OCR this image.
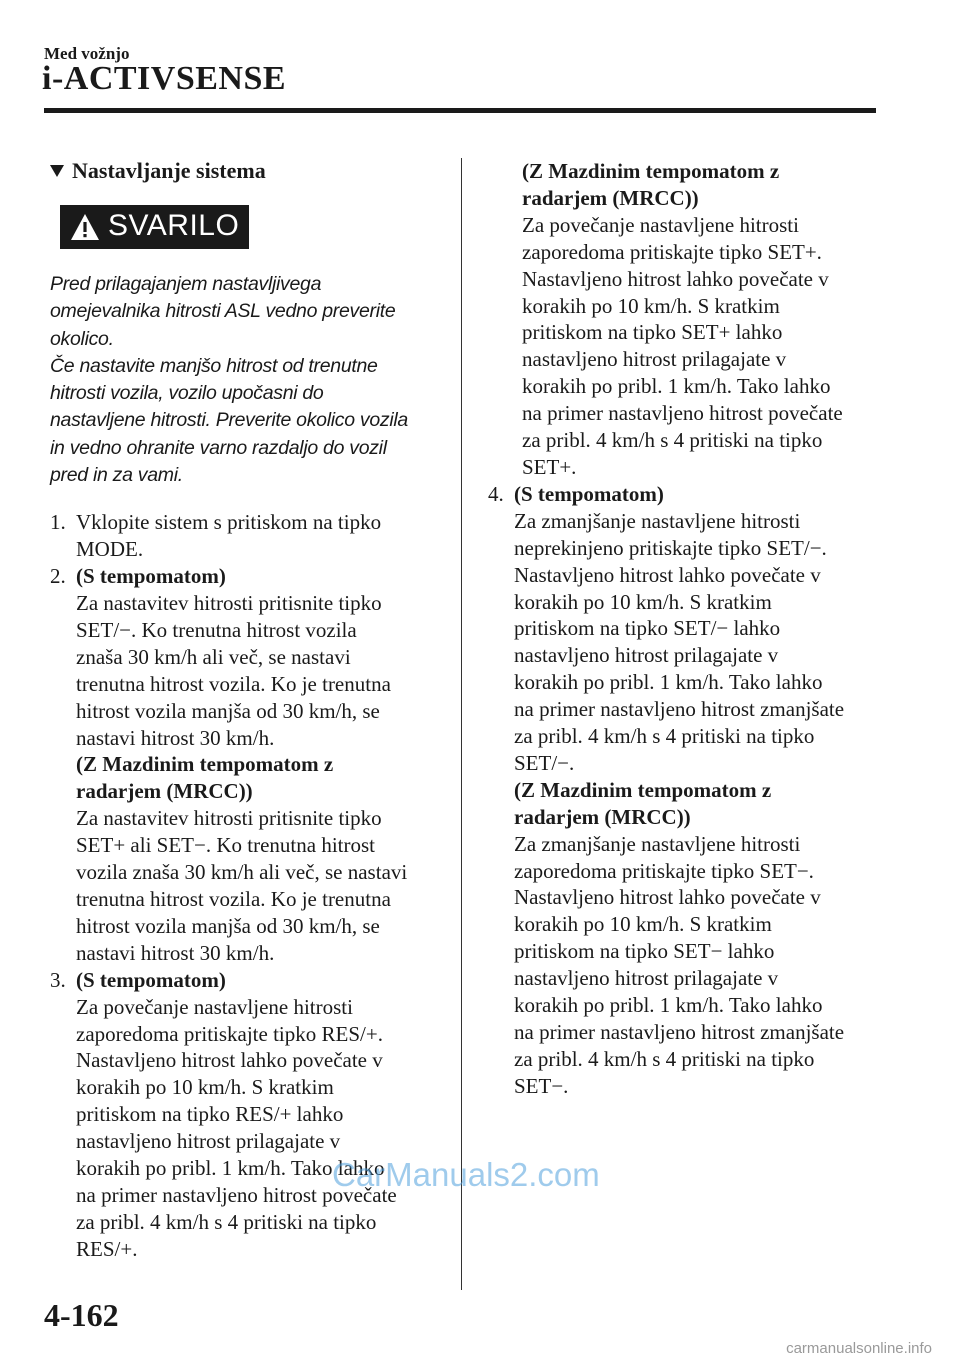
Med vožnjo
i-ACTIVSENSE
Nastavljanje sistema
SVARILO
Pred prilagajanjem nastavljivega
omejevalnika hitrosti ASL vedno preverite
okolico.
Če nastavite manjšo hitrost od trenutne
hitrosti vozila, vozilo upočasni do
nastavljene hitrosti. Preverite okolico vozila
in vedno ohranite varno razdaljo do vozil
pred in za vami.
1. Vklopite sistem s pritiskom na tipko
MODE.
2. (S tempomatom)
Za nastavitev hitrosti pritisnite tipko
SET/−. Ko trenutna hitrost vozila
znaša 30 km/h ali več, se nastavi
trenutna hitrost vozila. Ko je trenutna
hitrost vozila manjša od 30 km/h, se
nastavi hitrost 30 km/h.
(Z Mazdinim tempomatom z
radarjem (MRCC))
Za nastavitev hitrosti pritisnite tipko
SET+ ali SET−. Ko trenutna hitrost
vozila znaša 30 km/h ali več, se nastavi
trenutna hitrost vozila. Ko je trenutna
hitrost vozila manjša od 30 km/h, se
nastavi hitrost 30 km/h.
3. (S tempomatom)
Za povečanje nastavljene hitrosti
zaporedoma pritiskajte tipko RES/+.
Nastavljeno hitrost lahko povečate v
korakih po 10 km/h. S kratkim
pritiskom na tipko RES/+ lahko
nastavljeno hitrost prilagajate v
korakih po pribl. 1 km/h. Tako lahko
na primer nastavljeno hitrost povečate
za pribl. 4 km/h s 4 pritiski na tipko
RES/+.
(Z Mazdinim tempomatom z
radarjem (MRCC))
Za povečanje nastavljene hitrosti
zaporedoma pritiskajte tipko SET+.
Nastavljeno hitrost lahko povečate v
korakih po 10 km/h. S kratkim
pritiskom na tipko SET+ lahko
nastavljeno hitrost prilagajate v
korakih po pribl. 1 km/h. Tako lahko
na primer nastavljeno hitrost povečate
za pribl. 4 km/h s 4 pritiski na tipko
SET+.
4. (S tempomatom)
Za zmanjšanje nastavljene hitrosti
neprekinjeno pritiskajte tipko SET/−.
Nastavljeno hitrost lahko povečate v
korakih po 10 km/h. S kratkim
pritiskom na tipko SET/− lahko
nastavljeno hitrost prilagajate v
korakih po pribl. 1 km/h. Tako lahko
na primer nastavljeno hitrost zmanjšate
za pribl. 4 km/h s 4 pritiski na tipko
SET/−.
(Z Mazdinim tempomatom z
radarjem (MRCC))
Za zmanjšanje nastavljene hitrosti
zaporedoma pritiskajte tipko SET−.
Nastavljeno hitrost lahko povečate v
korakih po 10 km/h. S kratkim
pritiskom na tipko SET− lahko
nastavljeno hitrost prilagajate v
korakih po pribl. 1 km/h. Tako lahko
na primer nastavljeno hitrost zmanjšate
za pribl. 4 km/h s 4 pritiski na tipko
SET−.
4-162
CarManuals2.com
carmanualsonline.info
